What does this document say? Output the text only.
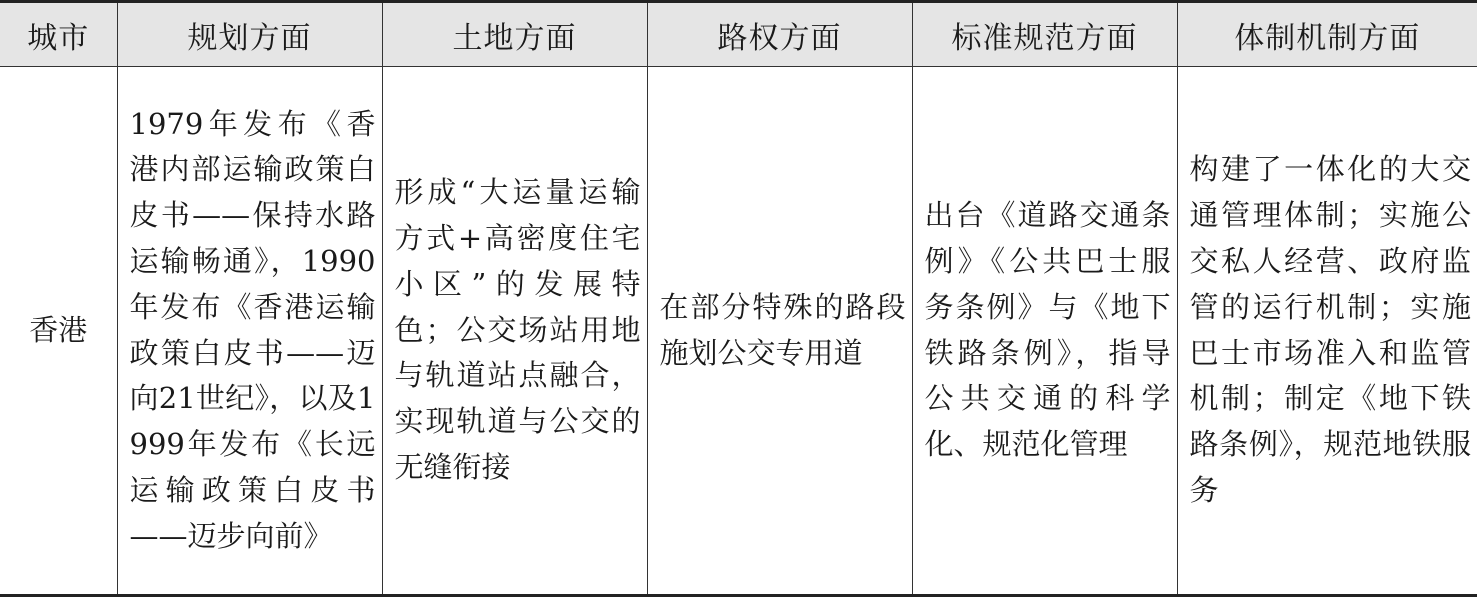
城市	规划方面	土地方面	路权方面	标准规范方面	体制机制方面
香港	1979年发布《香港内部运输政策白皮书——保持水路运输畅通》，1990年发布《香港运输政策白皮书——迈向21世纪》，以及1999年发布《长远运输政策白皮书——迈步向前》	形成“大运量运输方式+高密度住宅小区”的发展特色；公交场站用地与轨道站点融合，实现轨道与公交的无缝衔接	在部分特殊的路段施划公交专用道	出台《道路交通条例》《公共巴士服务条例》与《地下铁路条例》，指导公共交通的科学化、规范化管理	构建了一体化的大交通管理体制；实施公交私人经营、政府监管的运行机制；实施巴士市场准入和监管机制；制定《地下铁路条例》，规范地铁服务
